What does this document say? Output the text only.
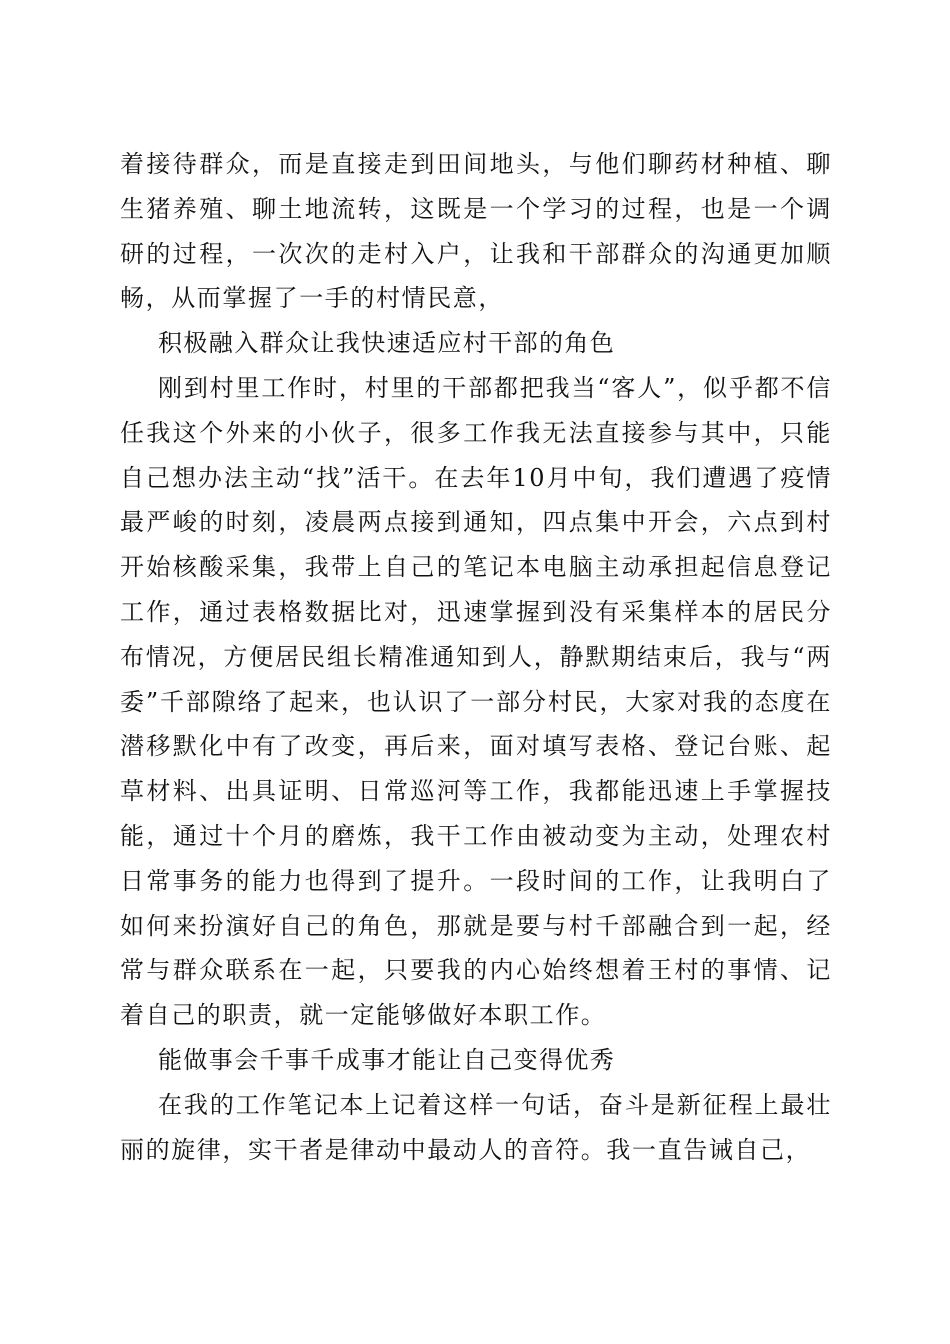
着接待群众，而是直接走到田间地头，与他们聊药材种植、聊生猪养殖、聊土地流转，这既是一个学习的过程，也是一个调研的过程，一次次的走村入户，让我和干部群众的沟通更加顺畅，从而掌握了一手的村情民意，

积极融入群众让我快速适应村干部的角色

刚到村里工作时，村里的干部都把我当“客人”，似乎都不信任我这个外来的小伙子，很多工作我无法直接参与其中，只能自己想办法主动“找”活干。在去年10月中旬，我们遭遇了疫情最严峻的时刻，凌晨两点接到通知，四点集中开会，六点到村开始核酸采集，我带上自己的笔记本电脑主动承担起信息登记工作，通过表格数据比对，迅速掌握到没有采集样本的居民分布情况，方便居民组长精准通知到人，静默期结束后，我与“两委”千部隙络了起来，也认识了一部分村民，大家对我的态度在潜移默化中有了改变，再后来，面对填写表格、登记台账、起草材料、出具证明、日常巡河等工作，我都能迅速上手掌握技能，通过十个月的磨炼，我干工作由被动变为主动，处理农村日常事务的能力也得到了提升。一段时间的工作，让我明白了如何来扮演好自己的角色，那就是要与村千部融合到一起，经常与群众联系在一起，只要我的内心始终想着王村的事情、记着自己的职责，就一定能够做好本职工作。

能做事会千事千成事才能让自己变得优秀

在我的工作笔记本上记着这样一句话，奋斗是新征程上最壮丽的旋律，实干者是律动中最动人的音符。我一直告诫自己，
